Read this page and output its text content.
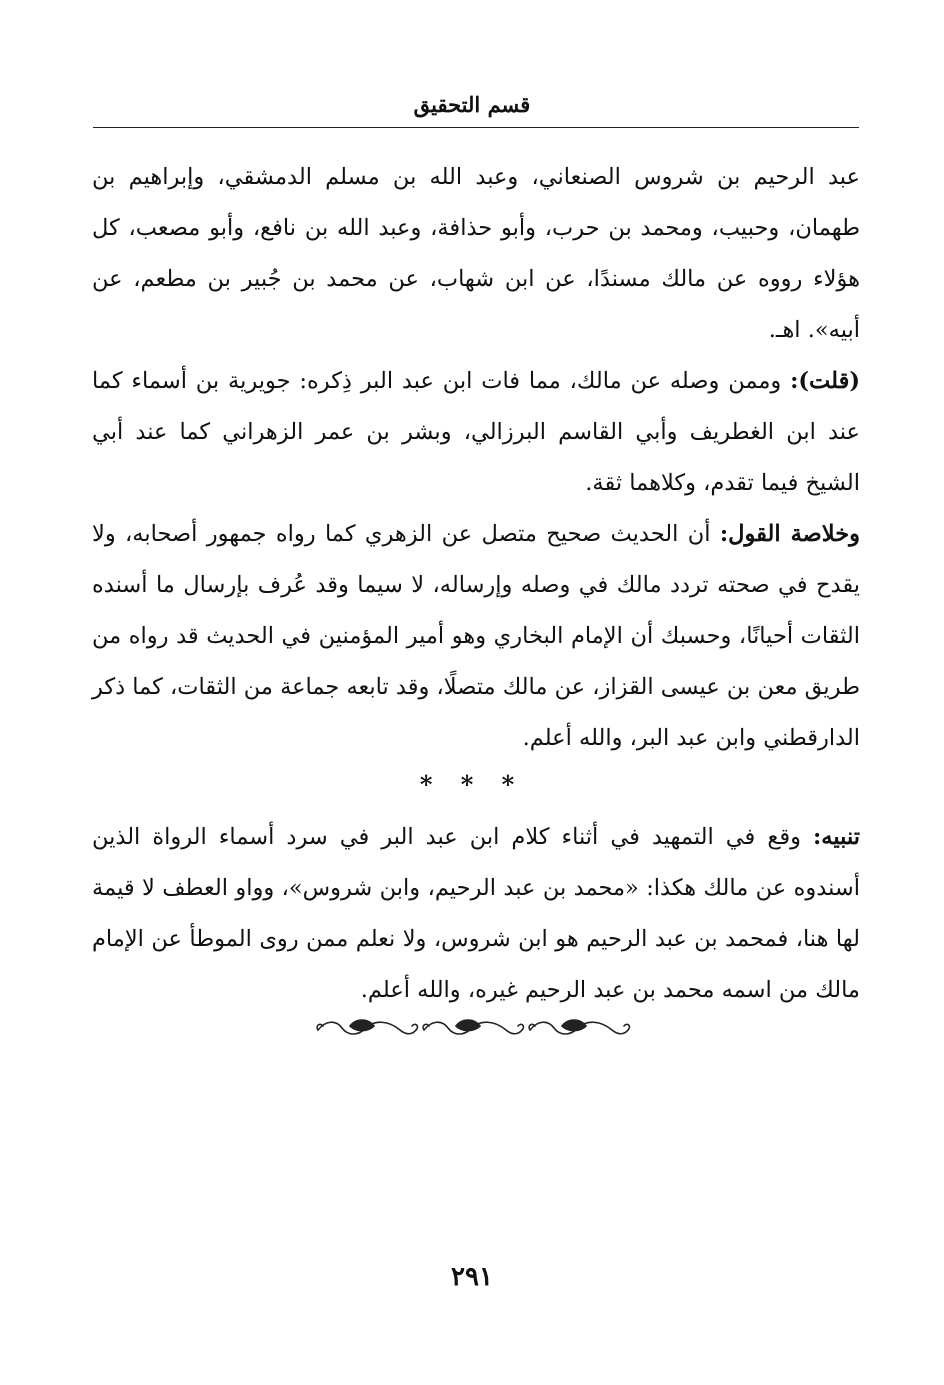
قسم التحقيق
عبد الرحيم بن شروس الصنعاني، وعبد الله بن مسلم الدمشقي، وإبراهيم بن طهمان، وحبيب، ومحمد بن حرب، وأبو حذافة، وعبد الله بن نافع، وأبو مصعب، كل هؤلاء رووه عن مالك مسندًا، عن ابن شهاب، عن محمد بن جُبير بن مطعم، عن أبيه». اهـ.
(قلت): وممن وصله عن مالك، مما فات ابن عبد البر ذِكره: جويرية بن أسماء كما عند ابن الغطريف وأبي القاسم البرزالي، وبشر بن عمر الزهراني كما عند أبي الشيخ فيما تقدم، وكلاهما ثقة.
وخلاصة القول: أن الحديث صحيح متصل عن الزهري كما رواه جمهور أصحابه، ولا يقدح في صحته تردد مالك في وصله وإرساله، لا سيما وقد عُرف بإرسال ما أسنده الثقات أحيانًا، وحسبك أن الإمام البخاري وهو أمير المؤمنين في الحديث قد رواه من طريق معن بن عيسى القزاز، عن مالك متصلًا، وقد تابعه جماعة من الثقات، كما ذكر الدارقطني وابن عبد البر، والله أعلم.
* * *
تنبيه: وقع في التمهيد في أثناء كلام ابن عبد البر في سرد أسماء الرواة الذين أسندوه عن مالك هكذا: «محمد بن عبد الرحيم، وابن شروس»، وواو العطف لا قيمة لها هنا، فمحمد بن عبد الرحيم هو ابن شروس، ولا نعلم ممن روى الموطأ عن الإمام مالك من اسمه محمد بن عبد الرحيم غيره، والله أعلم.
٢٩١
